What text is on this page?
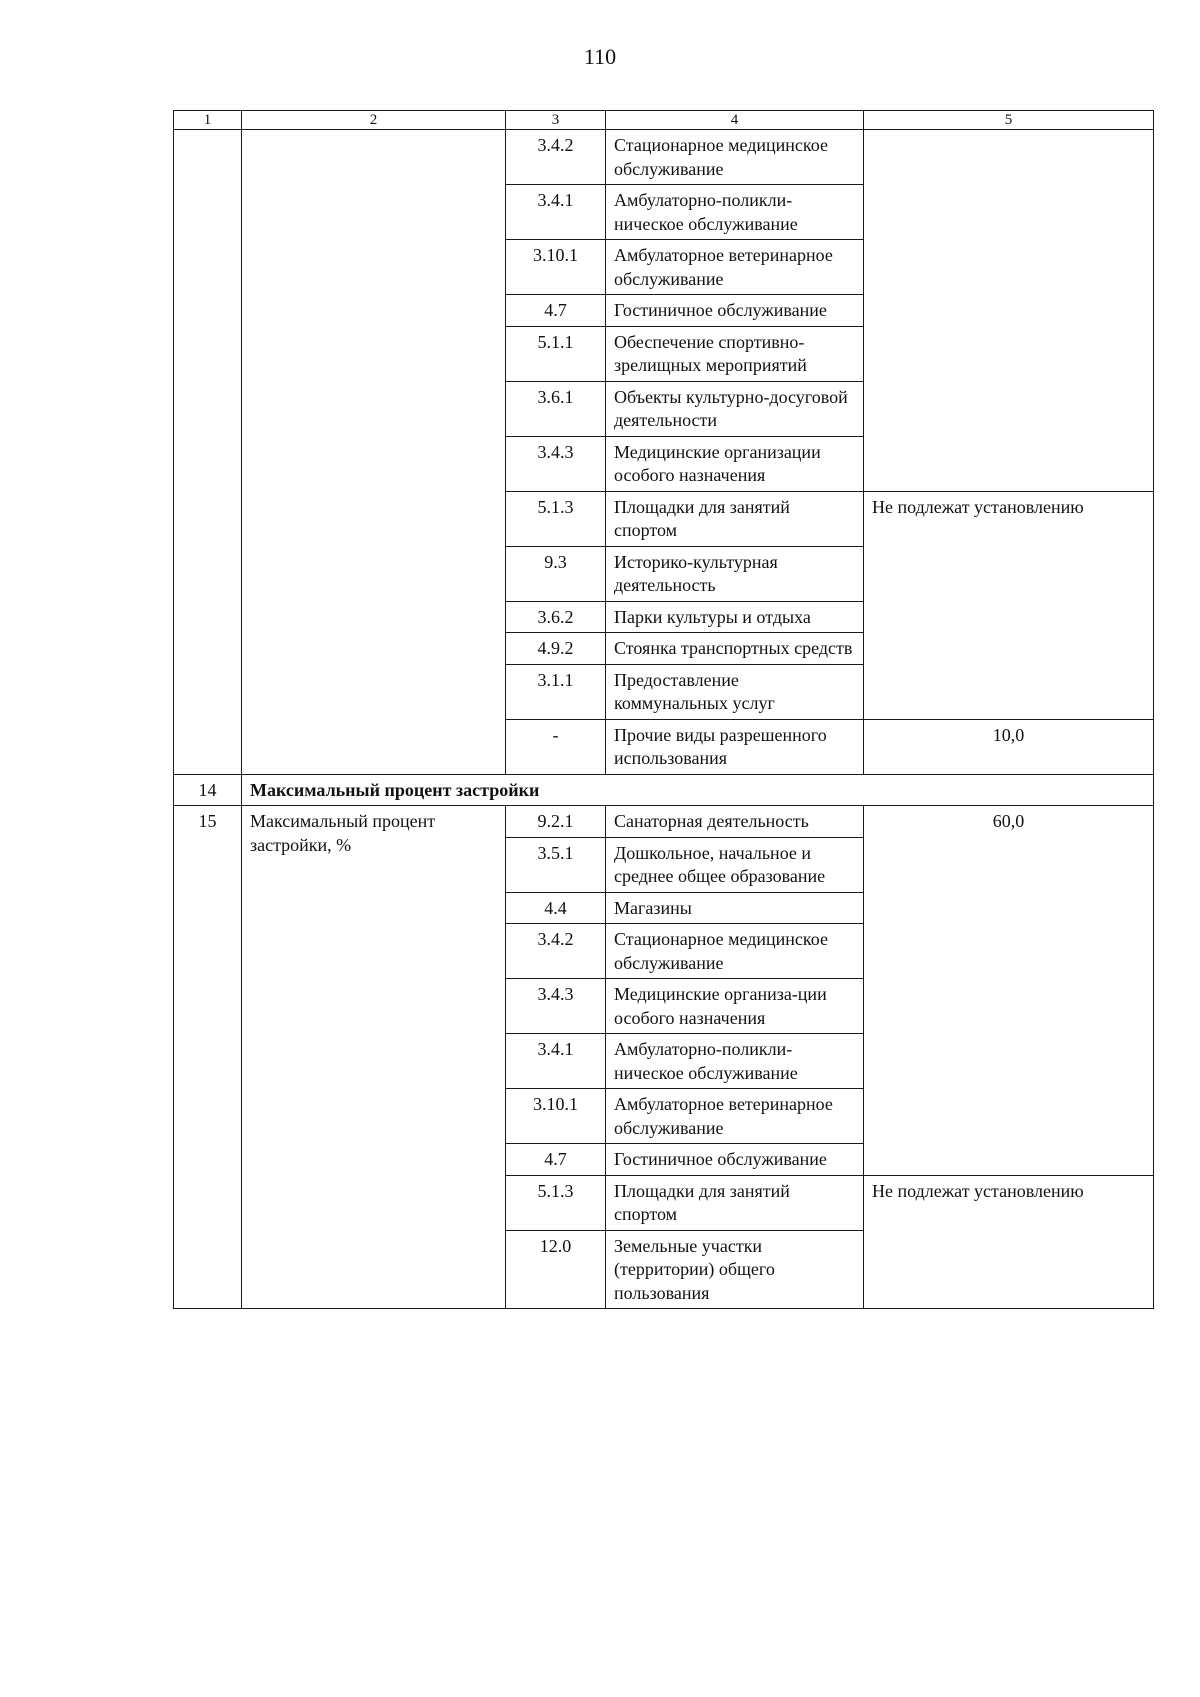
110
1	2	3	4	5
		3.4.2	Стационарное медицинское обслуживание	
		3.4.1	Амбулаторно-поликли-ническое обслуживание	
		3.10.1	Амбулаторное ветеринарное обслуживание	
		4.7	Гостиничное обслуживание	
		5.1.1	Обеспечение спортивно-зрелищных мероприятий	
		3.6.1	Объекты культурно-досуговой деятельности	
		3.4.3	Медицинские организации особого назначения	
		5.1.3	Площадки для занятий спортом	Не подлежат установлению
		9.3	Историко-культурная деятельность	
		3.6.2	Парки культуры и отдыха	
		4.9.2	Стоянка транспортных средств	
		3.1.1	Предоставление коммунальных услуг	
		-	Прочие виды разрешенного использования	10,0
14	Максимальный процент застройки			
15	Максимальный процент застройки, %	9.2.1	Санаторная деятельность	60,0
		3.5.1	Дошкольное, начальное и среднее общее образование	
		4.4	Магазины	
		3.4.2	Стационарное медицинское обслуживание	
		3.4.3	Медицинские организа-ции особого назначения	
		3.4.1	Амбулаторно-поликли-ническое обслуживание	
		3.10.1	Амбулаторное ветеринарное обслуживание	
		4.7	Гостиничное обслуживание	
		5.1.3	Площадки для занятий спортом	Не подлежат установлению
		12.0	Земельные участки (территории) общего пользования	
